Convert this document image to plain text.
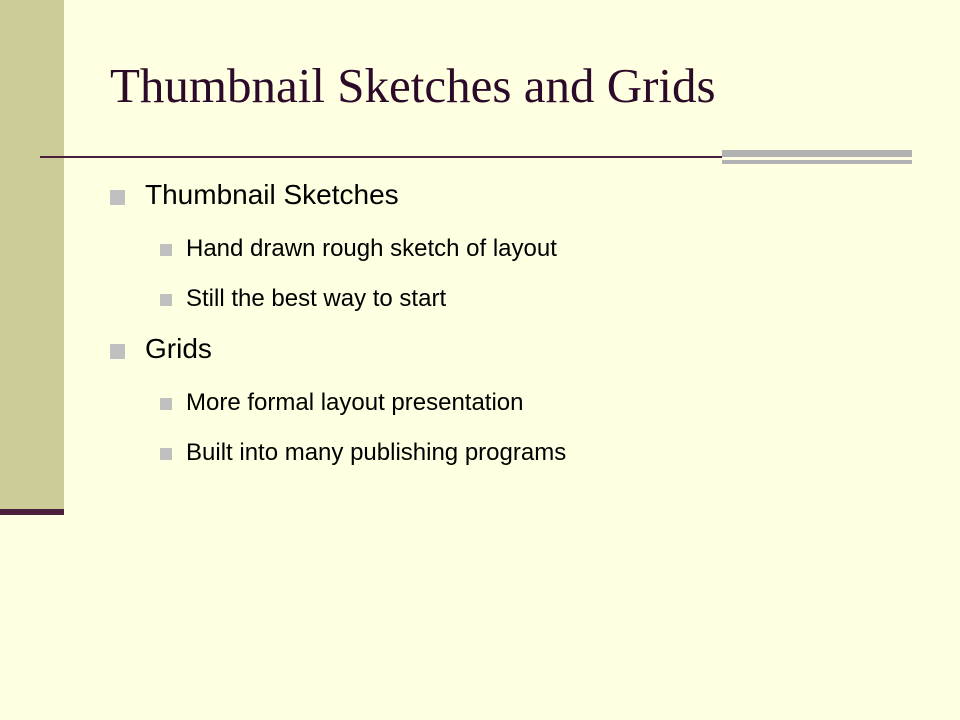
Thumbnail Sketches and Grids
Thumbnail Sketches
Hand drawn rough sketch of layout
Still the best way to start
Grids
More formal layout presentation
Built into many publishing programs
